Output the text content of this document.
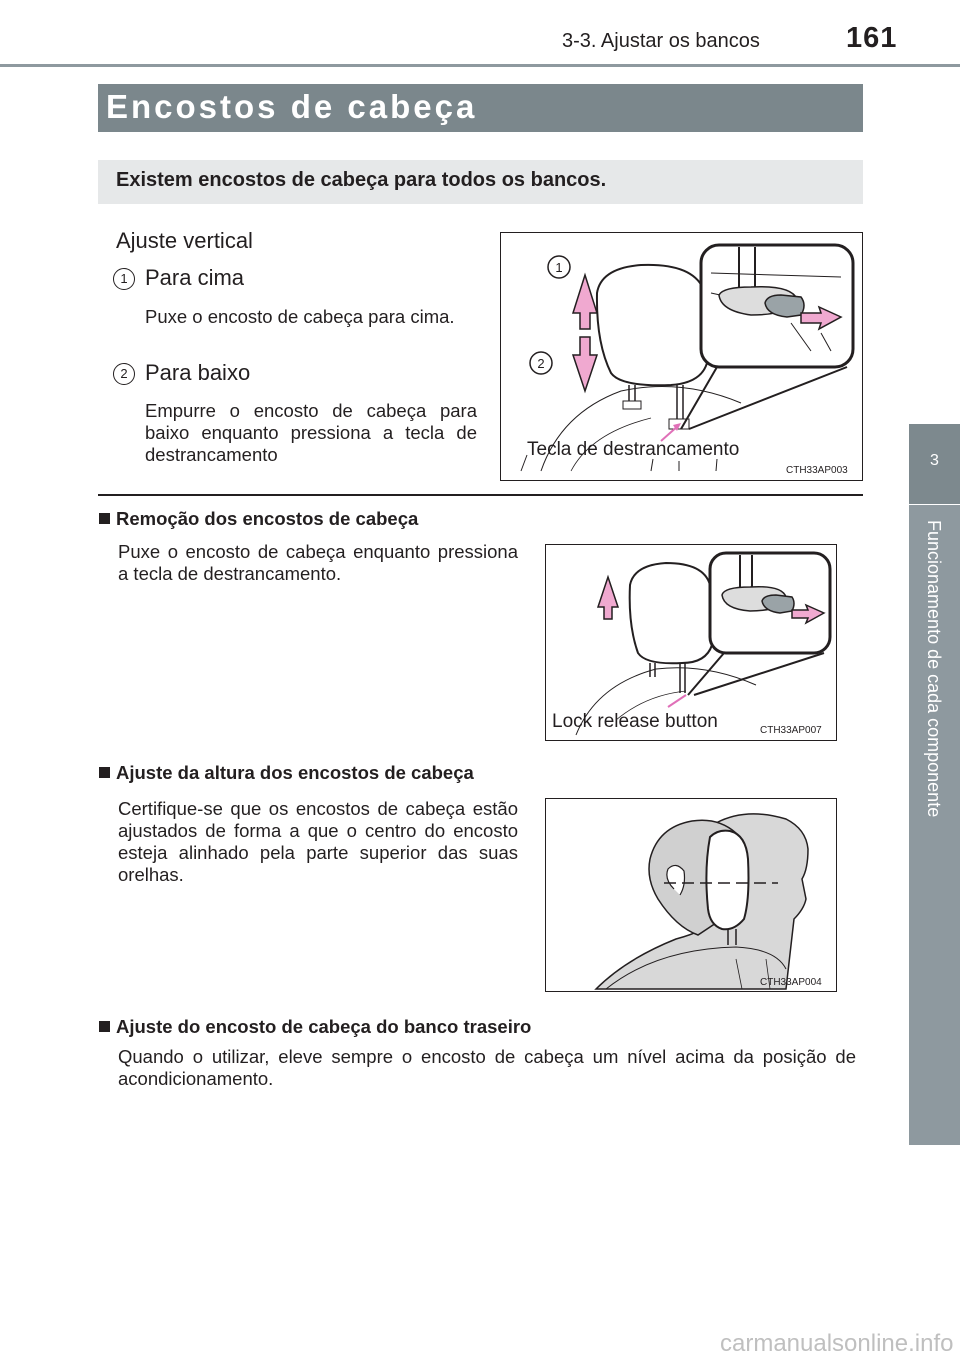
3-3. Ajustar os bancos	161
3
Funcionamento de cada componente
Encostos de cabeça
Existem encostos de cabeça para todos os bancos.
Ajuste vertical
1 Para cima
Puxe o encosto de cabeça para cima.
2 Para baixo
Empurre o encosto de cabeça para baixo enquanto pressiona a tecla de destrancamento
1
2
Tecla de destrancamento
CTH33AP003
Remoção dos encostos de cabeça
Puxe o encosto de cabeça enquanto pressiona a tecla de destrancamento.
Lock release button	CTH33AP007
Ajuste da altura dos encostos de cabeça
Certifique-se que os encostos de cabeça estão ajustados de forma a que o centro do encosto esteja alinhado pela parte superior das suas orelhas.
CTH33AP004
Ajuste do encosto de cabeça do banco traseiro
Quando o utilizar, eleve sempre o encosto de cabeça um nível acima da posição de acondicionamento.
carmanualsonline.info
